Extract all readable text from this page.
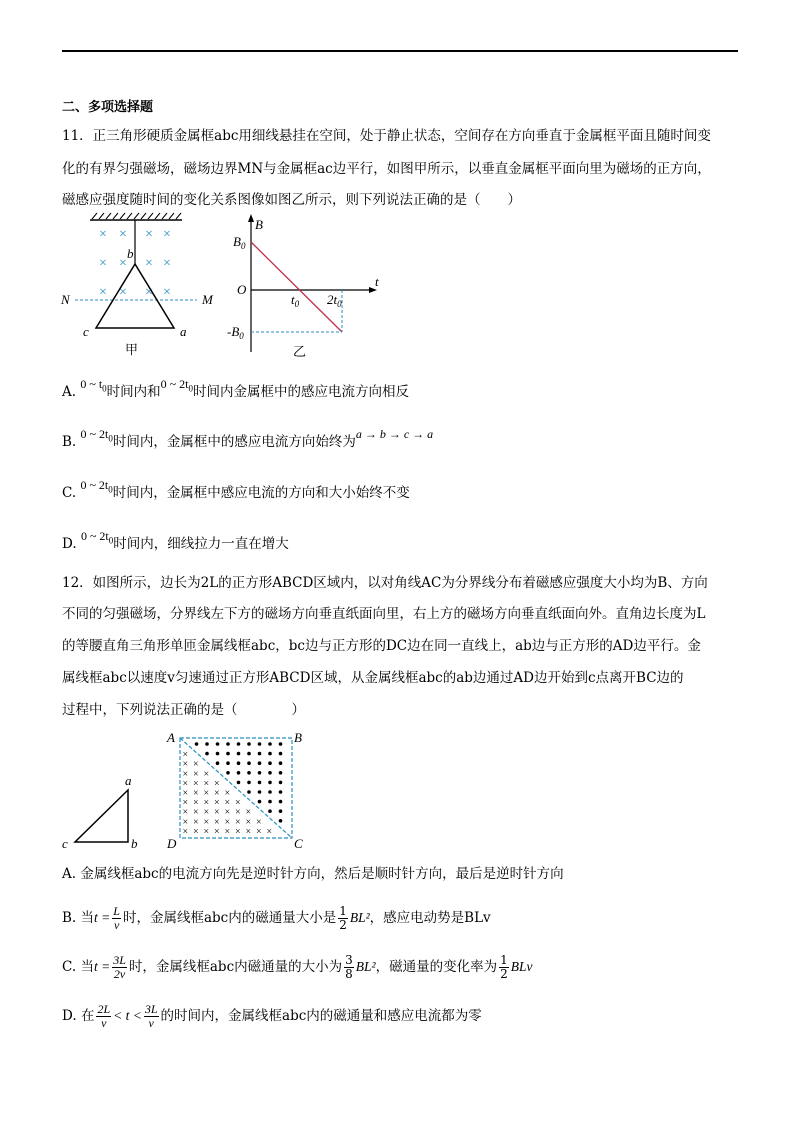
二、多项选择题
11．正三角形硬质金属框abc用细线悬挂在空间，处于静止状态，空间存在方向垂直于金属框平面且随时间变
化的有界匀强磁场，磁场边界MN与金属框ac边平行，如图甲所示，以垂直金属框平面向里为磁场的正方向，
磁感应强度随时间的变化关系图像如图乙所示，则下列说法正确的是（　　）
× × × ×
× × × ×
× × × ×
b
c	a
N	M
甲
B
t
O
$B_0$
$-B_0$
$t_0$ $2t_0$
乙
A. 0 ~ $t_0$时间内和0 ~ $2t_0$时间内金属框中的感应电流方向相反
B. 0 ~ $2t_0$时间内，金属框中的感应电流方向始终为a → b → c → a
C. 0 ~ $2t_0$时间内，金属框中感应电流的方向和大小始终不变
D. 0 ~ $2t_0$时间内，细线拉力一直在增大
12．如图所示，边长为2L的正方形ABCD区域内，以对角线AC为分界线分布着磁感应强度大小均为B、方向
不同的匀强磁场，分界线左下方的磁场方向垂直纸面向里，右上方的磁场方向垂直纸面向外。直角边长度为L
的等腰直角三角形单匝金属线框abc，bc边与正方形的DC边在同一直线上，ab边与正方形的AD边平行。金
属线框abc以速度v匀速通过正方形ABCD区域，从金属线框abc的ab边通过AD边开始到c点离开BC边的
过程中，下列说法正确的是（　　　　）
a
c	b
×
× ×
× × ×
× × × ×
× × × × ×
× × × × × ×
× × × × × × ×
× × × × × × × ×
× × × × × × × × ×
A	B
C
D
A. 金属线框abc的电流方向先是逆时针方向，然后是顺时针方向，最后是逆时针方向
B. 当$t = \frac{L}{v}$ 时，金属线框abc内的磁通量大小是 $\frac{1}{2} BL^2$，感应电动势是BLv
C. 当$t = \frac{3L}{2v}$ 时，金属线框abc内磁通量的大小为 $\frac{3}{8} BL^2$，磁通量的变化率为 $\frac{1}{2}$ BLv
D. 在 $\frac{2L}{v} < t < \frac{3L}{v}$ 的时间内，金属线框abc内的磁通量和感应电流都为零
